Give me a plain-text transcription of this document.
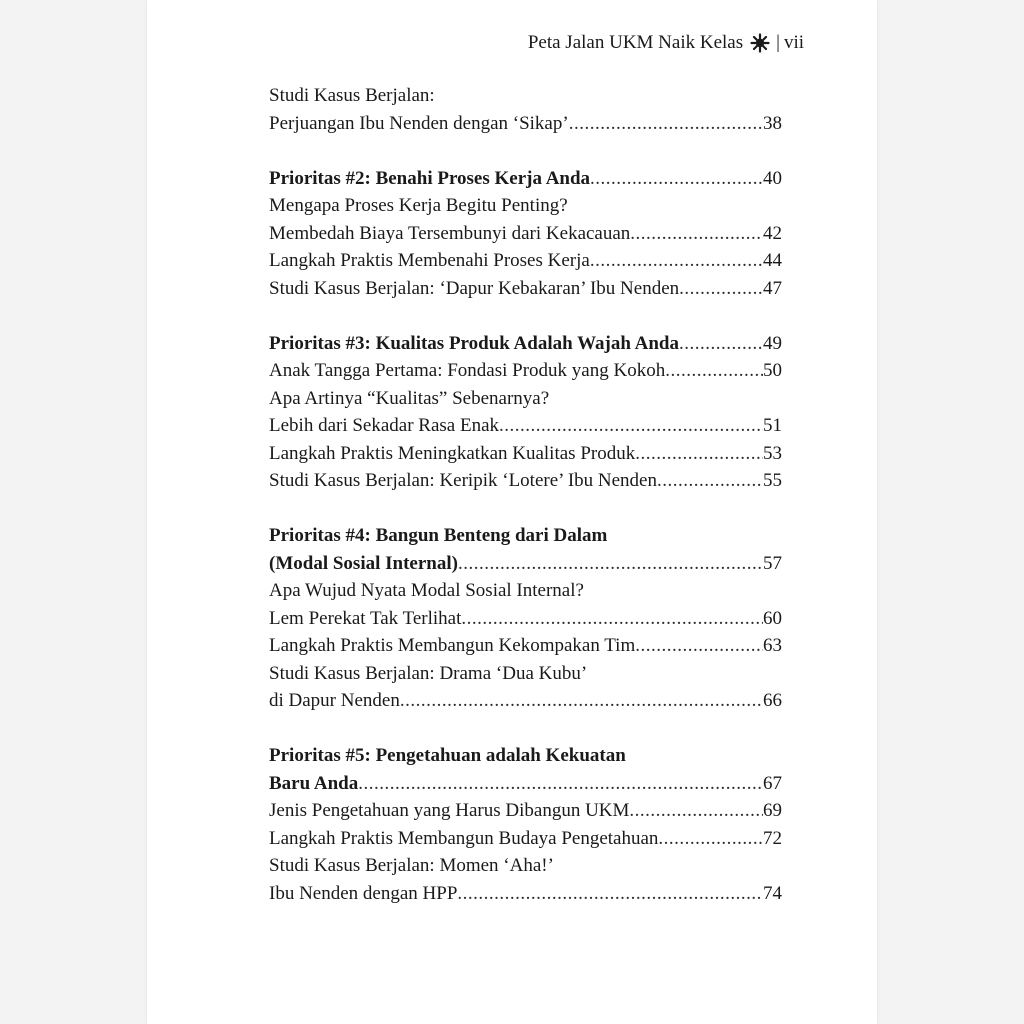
Peta Jalan UKM Naik Kelas | vii
Studi Kasus Berjalan:
Perjuangan Ibu Nenden dengan ‘Sikap’ .....	38
Prioritas #2: Benahi Proses Kerja Anda .....	40
Mengapa Proses Kerja Begitu Penting?
Membedah Biaya Tersembunyi dari Kekacauan .....	42
Langkah Praktis Membenahi Proses Kerja .....	44
Studi Kasus Berjalan: ‘Dapur Kebakaran’ Ibu Nenden .....	47
Prioritas #3: Kualitas Produk Adalah Wajah Anda .....	49
Anak Tangga Pertama: Fondasi Produk yang Kokoh .....	50
Apa Artinya “Kualitas” Sebenarnya?
Lebih dari Sekadar Rasa Enak .....	51
Langkah Praktis Meningkatkan Kualitas Produk .....	53
Studi Kasus Berjalan: Keripik ‘Lotere’ Ibu Nenden .....	55
Prioritas #4: Bangun Benteng dari Dalam
(Modal Sosial Internal) .....	57
Apa Wujud Nyata Modal Sosial Internal?
Lem Perekat Tak Terlihat .....	60
Langkah Praktis Membangun Kekompakan Tim .....	63
Studi Kasus Berjalan: Drama ‘Dua Kubu’
di Dapur Nenden .....	66
Prioritas #5: Pengetahuan adalah Kekuatan
Baru Anda .....	67
Jenis Pengetahuan yang Harus Dibangun UKM .....	69
Langkah Praktis Membangun Budaya Pengetahuan .....	72
Studi Kasus Berjalan: Momen ‘Aha!’
Ibu Nenden dengan HPP .....	74
